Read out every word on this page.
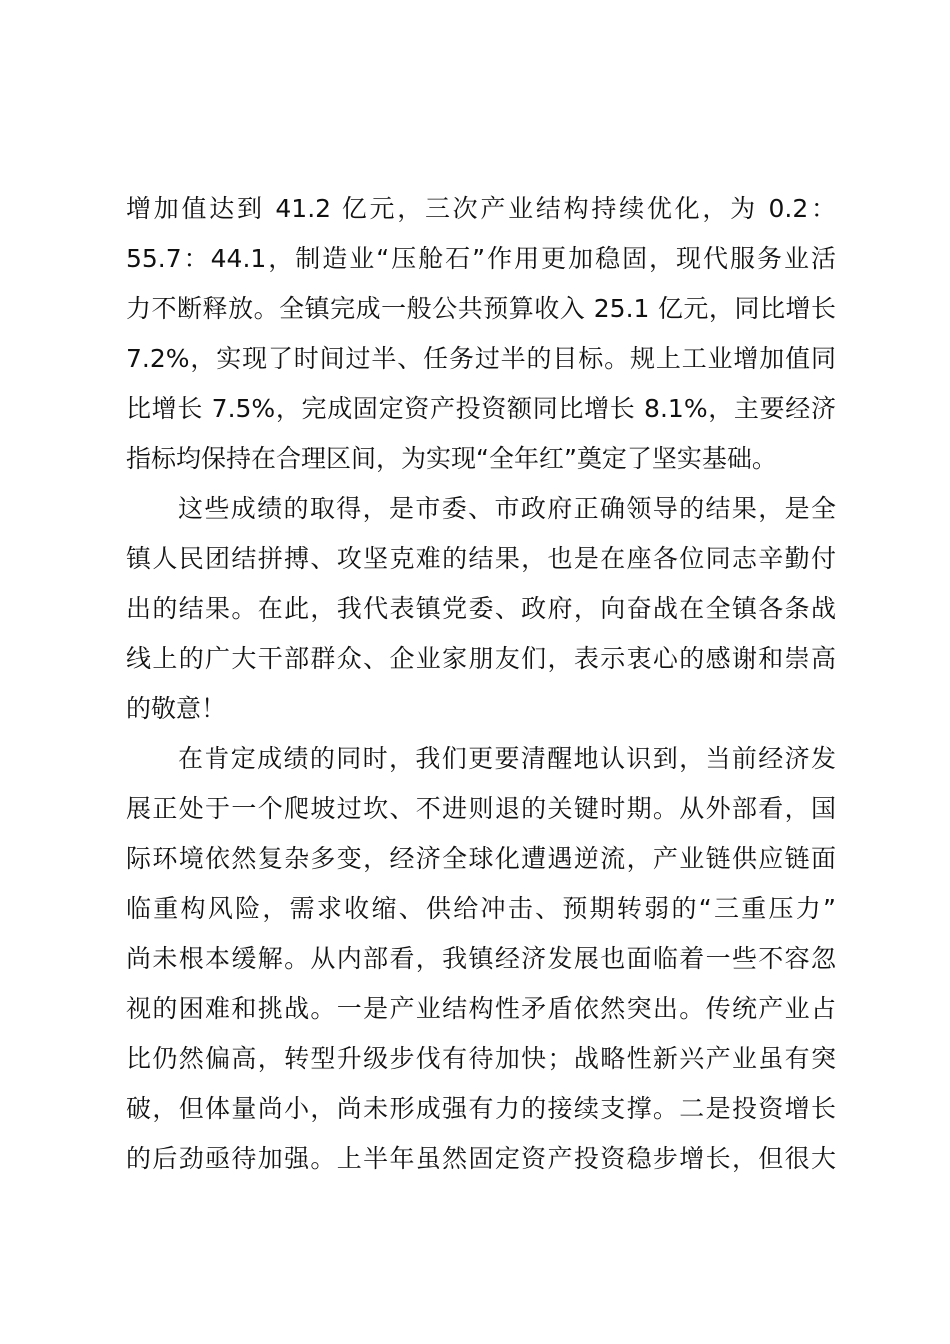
增加值达到 41.2 亿元，三次产业结构持续优化，为 0.2：
55.7：44.1，制造业“压舱石”作用更加稳固，现代服务业活
力不断释放。全镇完成一般公共预算收入 25.1 亿元，同比增长
7.2%，实现了时间过半、任务过半的目标。规上工业增加值同
比增长 7.5%，完成固定资产投资额同比增长 8.1%，主要经济
指标均保持在合理区间，为实现“全年红”奠定了坚实基础。
这些成绩的取得，是市委、市政府正确领导的结果，是全
镇人民团结拼搏、攻坚克难的结果，也是在座各位同志辛勤付
出的结果。在此，我代表镇党委、政府，向奋战在全镇各条战
线上的广大干部群众、企业家朋友们，表示衷心的感谢和崇高
的敬意！
在肯定成绩的同时，我们更要清醒地认识到，当前经济发
展正处于一个爬坡过坎、不进则退的关键时期。从外部看，国
际环境依然复杂多变，经济全球化遭遇逆流，产业链供应链面
临重构风险，需求收缩、供给冲击、预期转弱的“三重压力”
尚未根本缓解。从内部看，我镇经济发展也面临着一些不容忽
视的困难和挑战。一是产业结构性矛盾依然突出。传统产业占
比仍然偏高，转型升级步伐有待加快；战略性新兴产业虽有突
破，但体量尚小，尚未形成强有力的接续支撑。二是投资增长
的后劲亟待加强。上半年虽然固定资产投资稳步增长，但很大
